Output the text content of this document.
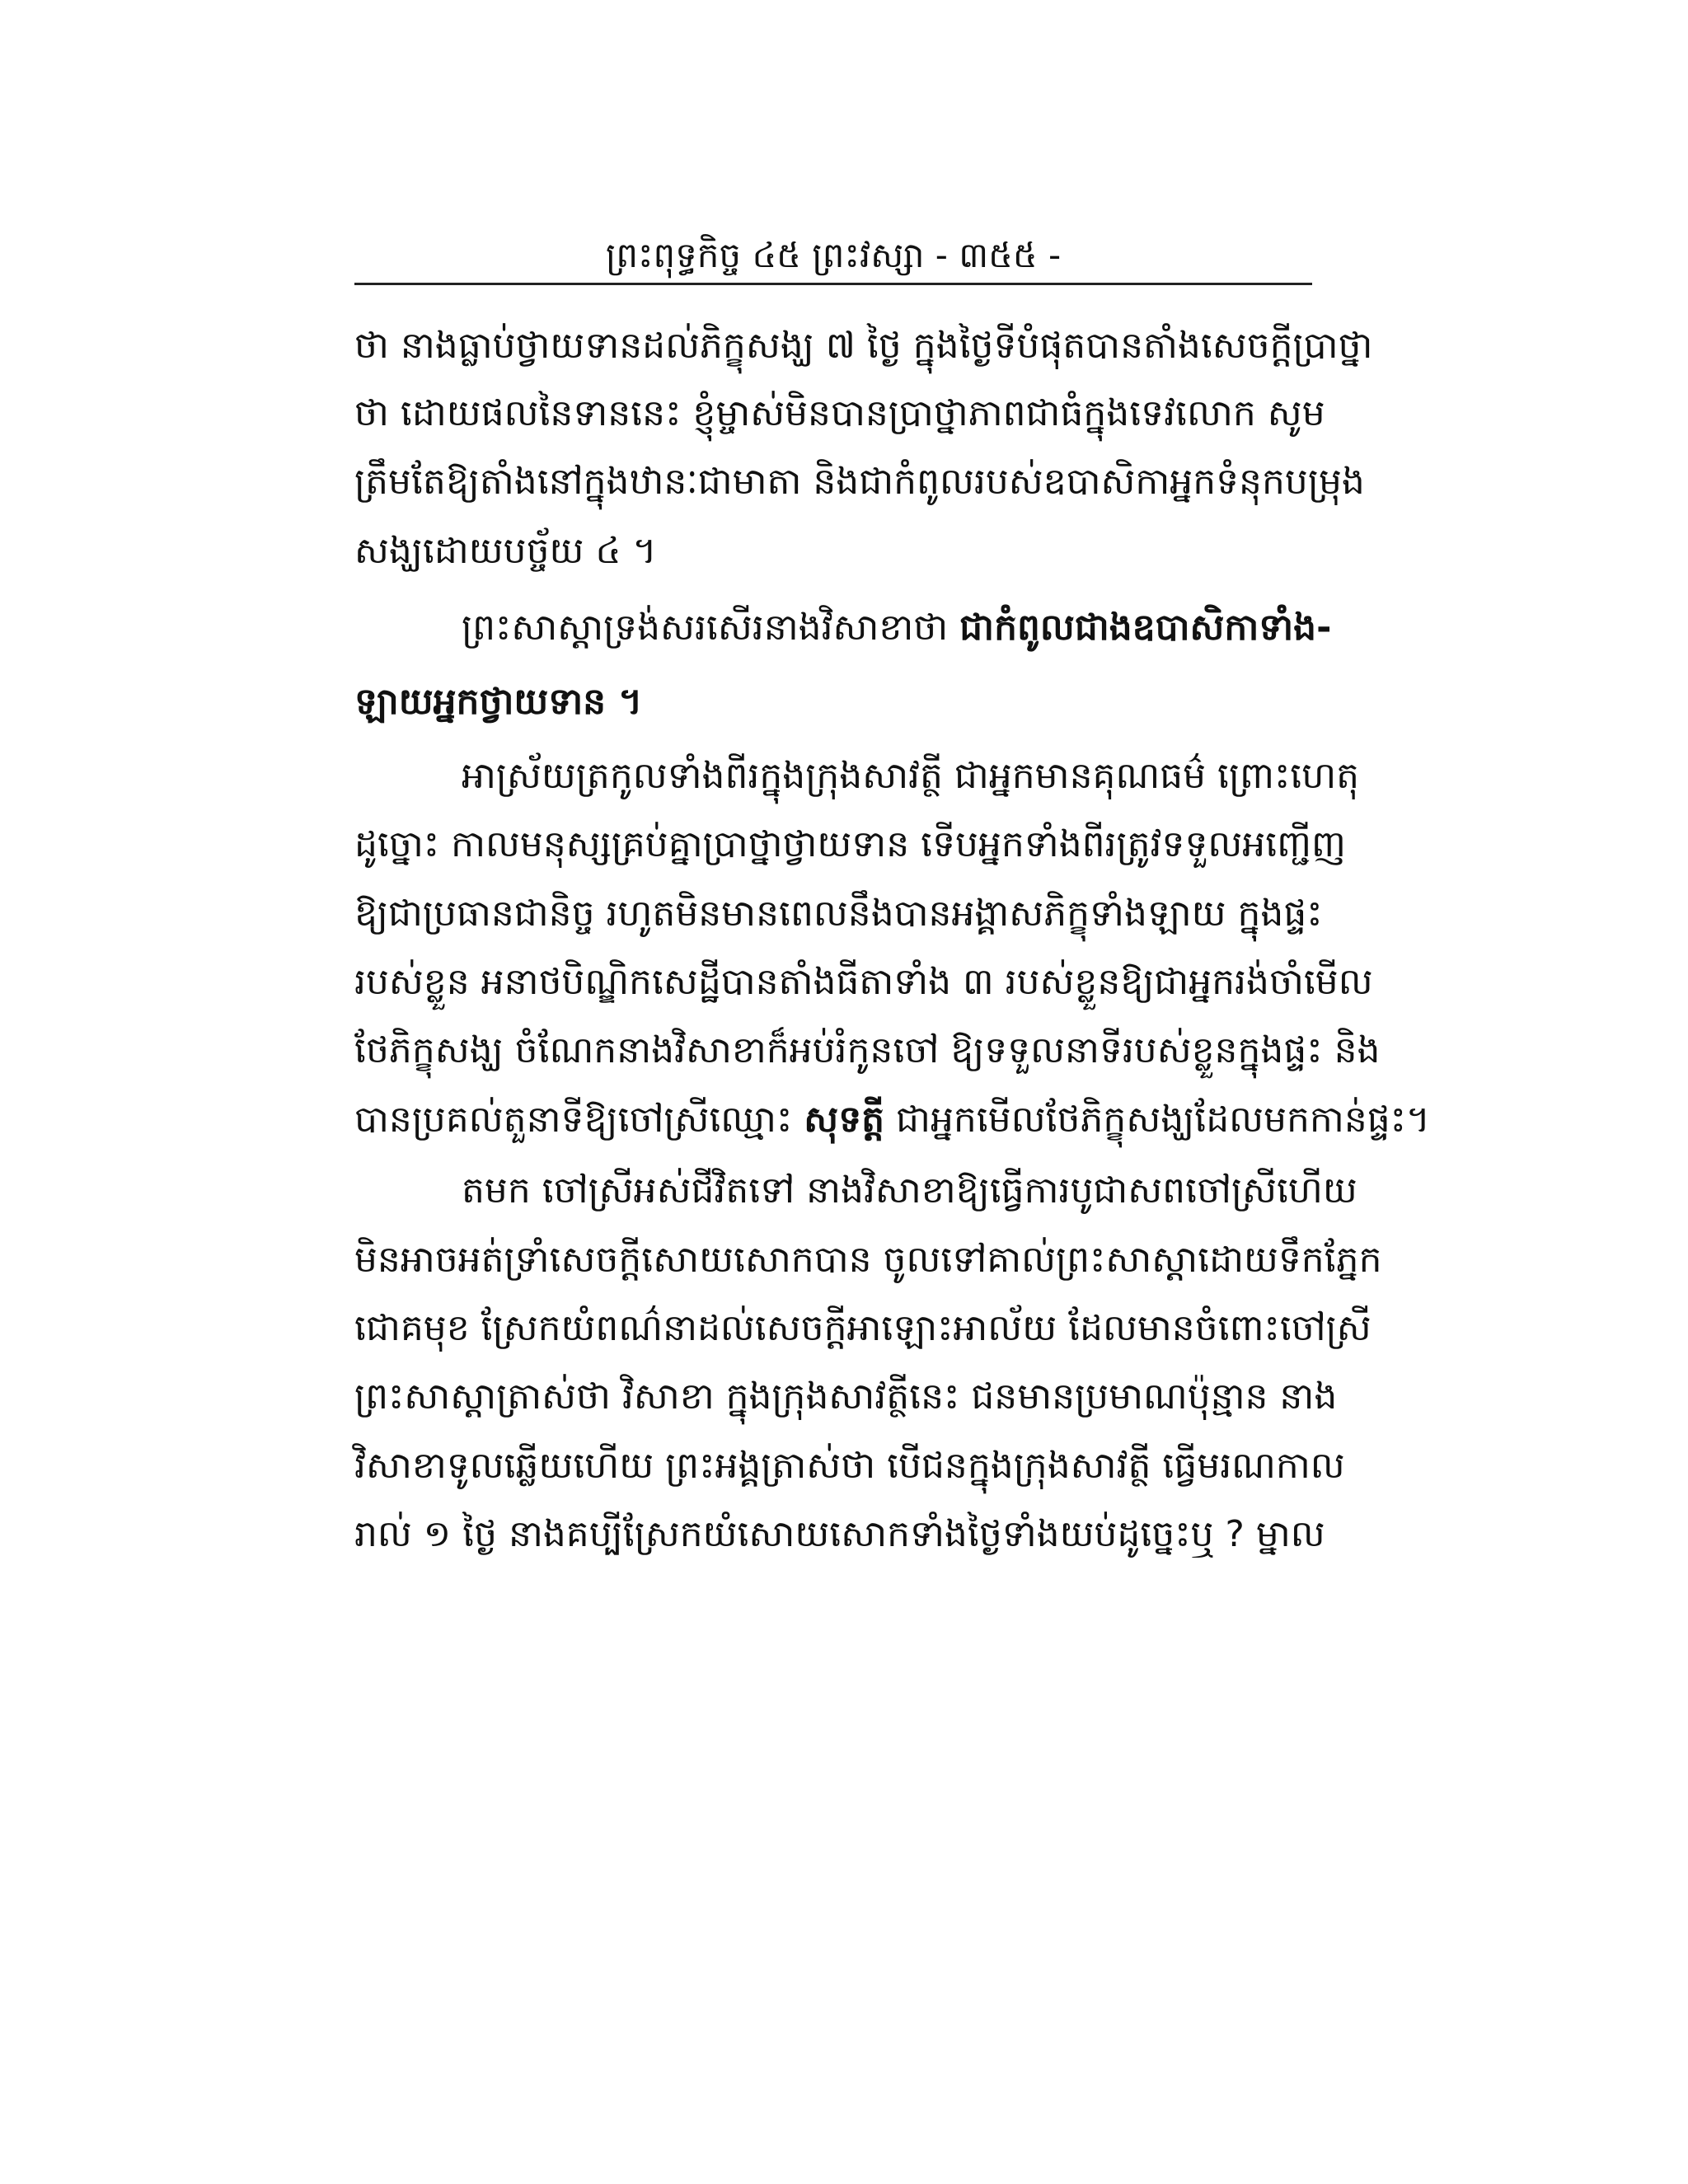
ព្រះពុទ្ធកិច្ច ៤៥ ព្រះវស្សា - ៣៥៥ -
ថា នាងធ្លាប់ថ្វាយទានដល់ភិក្ខុសង្ឃ ៧ ថ្ងៃ ក្នុងថ្ងៃទីបំផុតបានតាំងសេចក្តីប្រាថ្នា
ថា ដោយផលនៃទាននេះ ខ្ញុំម្ចាស់មិនបានប្រាថ្នាភាពជាធំក្នុងទេវលោក សូម
ត្រឹមតែឱ្យតាំងនៅក្នុងឋានៈជាមាតា និងជាកំពូលរបស់ឧបាសិកាអ្នកទំនុកបម្រុង
សង្ឃដោយបច្ច័យ ៤ ។
ព្រះសាស្តាទ្រង់សរសើរនាងវិសាខាថា ជាកំពូលជាងឧបាសិកាទាំង-
ឡាយអ្នកថ្វាយទាន ។
អាស្រ័យត្រកូលទាំងពីរក្នុងក្រុងសាវត្ថី ជាអ្នកមានគុណធម៌ ព្រោះហេតុ
ដូច្នោះ កាលមនុស្សគ្រប់គ្នាប្រាថ្នាថ្វាយទាន ទើបអ្នកទាំងពីរត្រូវទទួលអញ្ជើញ
ឱ្យជាប្រធានជានិច្ច រហូតមិនមានពេលនឹងបានអង្គាសភិក្ខុទាំងឡាយ ក្នុងផ្ទះ
របស់ខ្លួន អនាថបិណ្ឌិកសេដ្ឋីបានតាំងធីតាទាំង ៣ របស់ខ្លួនឱ្យជាអ្នករង់ចាំមើល
ថែភិក្ខុសង្ឃ ចំណែកនាងវិសាខាក៏អប់រំកូនចៅ ឱ្យទទួលនាទីរបស់ខ្លួនក្នុងផ្ទះ និង
បានប្រគល់តួនាទីឱ្យចៅស្រីឈ្មោះ សុទត្តី ជាអ្នកមើលថែភិក្ខុសង្ឃដែលមកកាន់ផ្ទះ។
តមក ចៅស្រីអស់ជីវិតទៅ នាងវិសាខាឱ្យធ្វើការបូជាសពចៅស្រីហើយ
មិនអាចអត់ទ្រាំសេចក្តីសោយសោកបាន ចូលទៅគាល់ព្រះសាស្តាដោយទឹកភ្នែក
ជោគមុខ ស្រែកយំពណ៌នាដល់សេចក្តីអាឡោះអាល័យ ដែលមានចំពោះចៅស្រី
ព្រះសាស្តាត្រាស់ថា វិសាខា ក្នុងក្រុងសាវត្ថីនេះ ជនមានប្រមាណប៉ុន្មាន នាង
វិសាខាទូលឆ្លើយហើយ ព្រះអង្គត្រាស់ថា បើជនក្នុងក្រុងសាវត្ថី ធ្វើមរណកាល
រាល់ ១ ថ្ងៃ នាងគប្បីស្រែកយំសោយសោកទាំងថ្ងៃទាំងយប់ដូច្នេះឬ ? ម្នាល
